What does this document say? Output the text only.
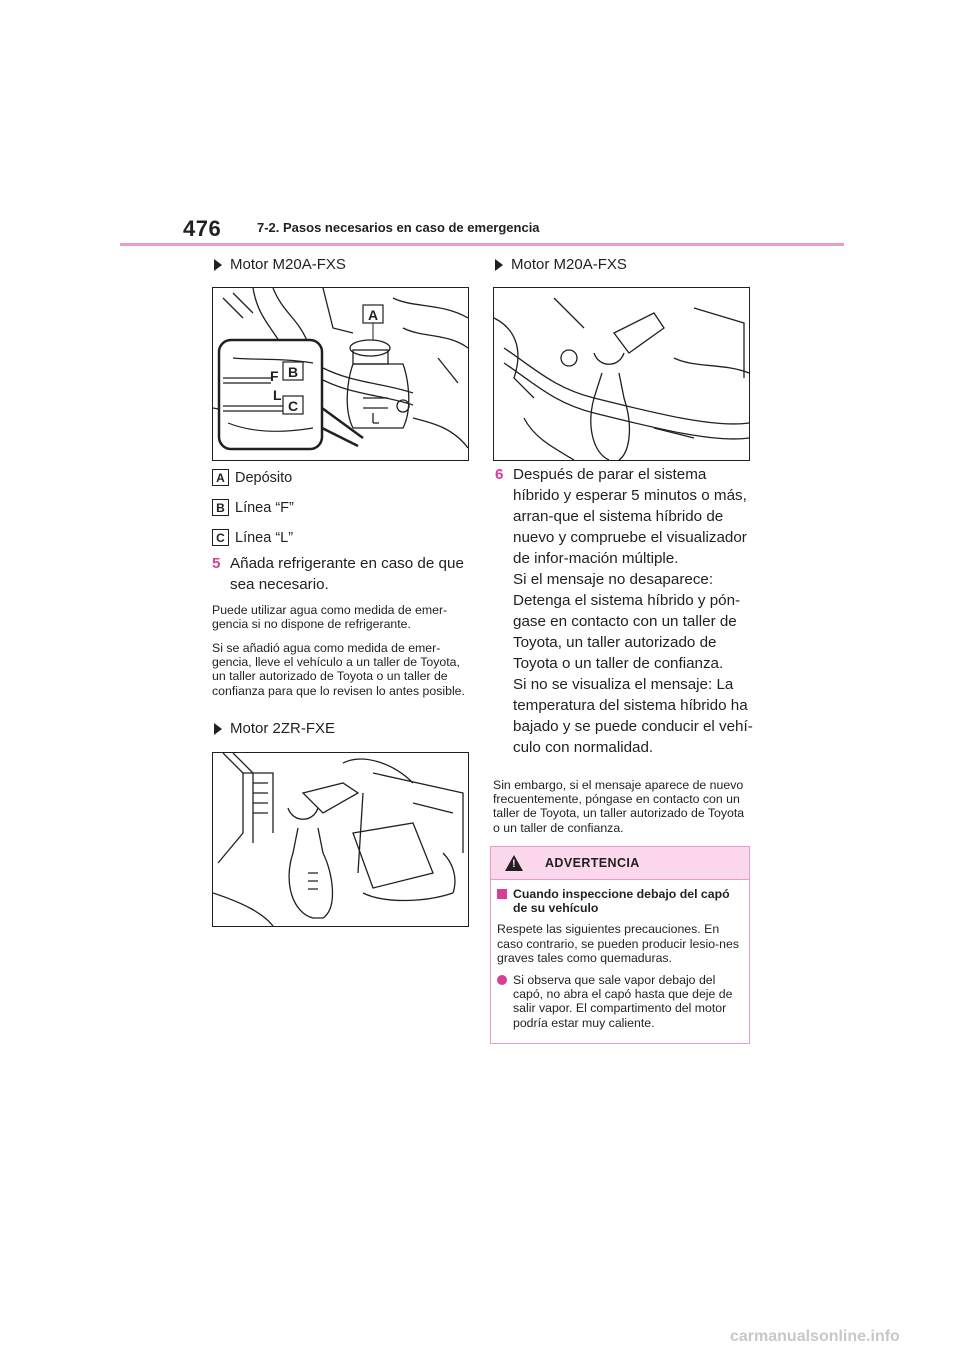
476	7-2. Pasos necesarios en caso de emergencia
Motor M20A-FXS
A
F
L
B
C
A Depósito
B Línea “F”
C Línea “L”
5 Añada refrigerante en caso de que sea necesario.
Puede utilizar agua como medida de emer-gencia si no dispone de refrigerante.
Si se añadió agua como medida de emer-gencia, lleve el vehículo a un taller de Toyota, un taller autorizado de Toyota o un taller de confianza para que lo revisen lo antes posible.
Motor 2ZR-FXE
Motor M20A-FXS
6 Después de parar el sistema híbrido y esperar 5 minutos o más, arran-que el sistema híbrido de nuevo y compruebe el visualizador de infor-mación múltiple.
Si el mensaje no desaparece: Detenga el sistema híbrido y pón-gase en contacto con un taller de Toyota, un taller autorizado de Toyota o un taller de confianza.
Si no se visualiza el mensaje: La temperatura del sistema híbrido ha bajado y se puede conducir el vehí-culo con normalidad.
Sin embargo, si el mensaje aparece de nuevo frecuentemente, póngase en contacto con un taller de Toyota, un taller autorizado de Toyota o un taller de confianza.
! ADVERTENCIA
Cuando inspeccione debajo del capó de su vehículo
Respete las siguientes precauciones. En caso contrario, se pueden producir lesio-nes graves tales como quemaduras.
Si observa que sale vapor debajo del capó, no abra el capó hasta que deje de salir vapor. El compartimento del motor podría estar muy caliente.
carmanualsonline.info
